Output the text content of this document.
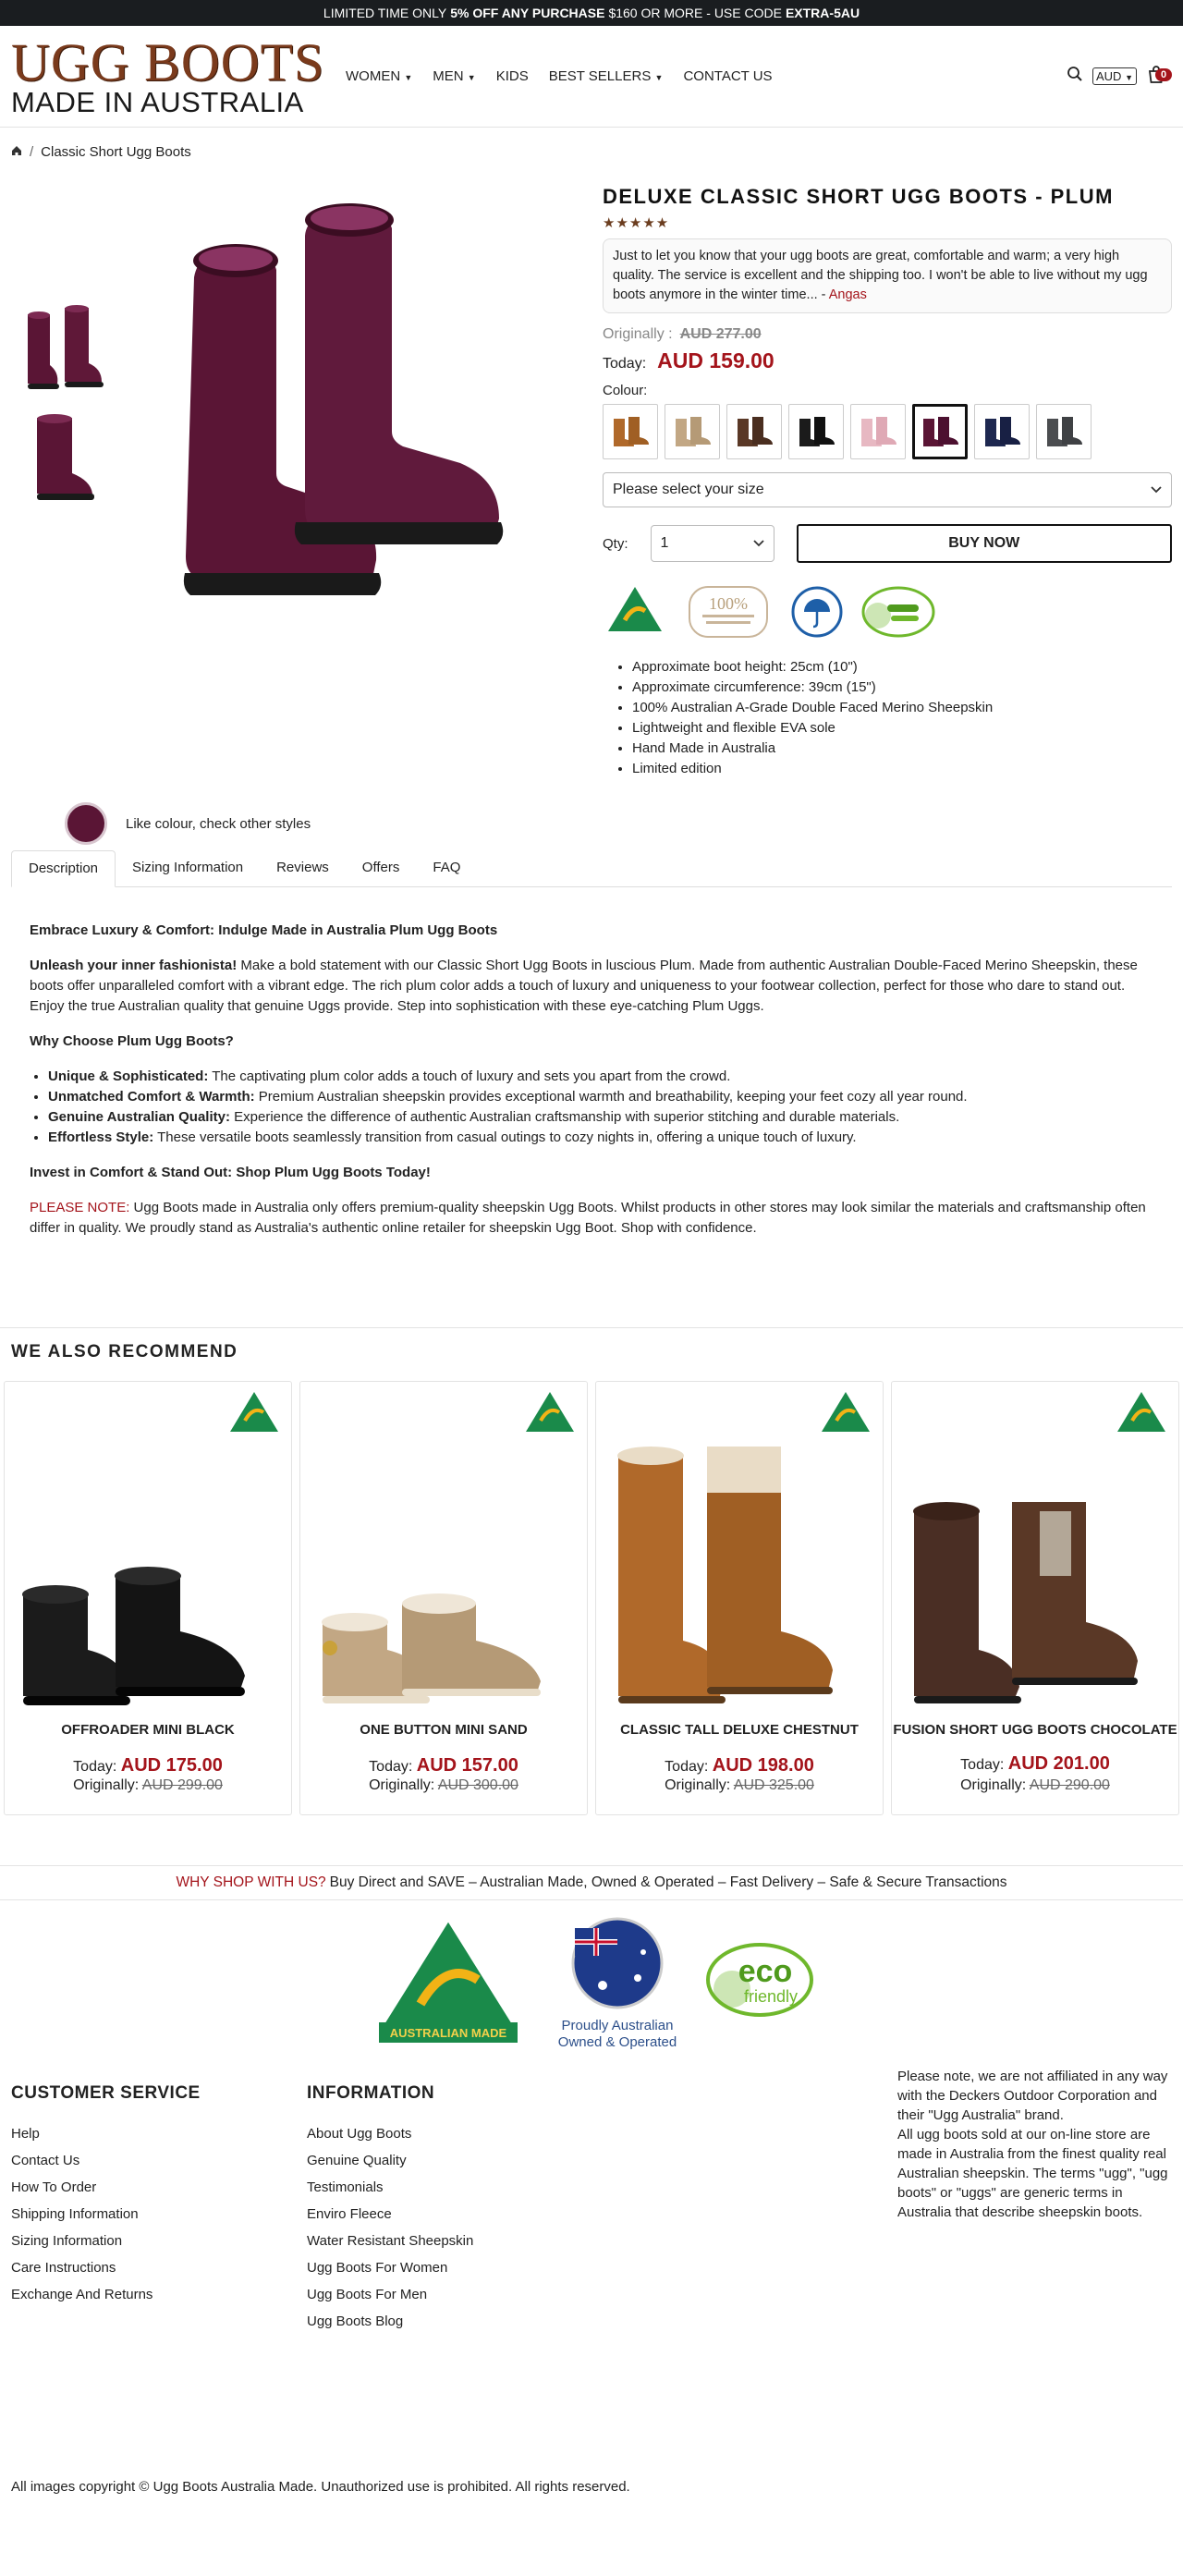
LIMITED TIME ONLY 5% OFF ANY PURCHASE $160 OR MORE - USE CODE EXTRA-5AU
UGG BOOTS
MADE IN AUSTRALIA
WOMEN ▼ MEN ▼ KIDS BEST SELLERS ▼ CONTACT US	AUD ▼	0
/ Classic Short Ugg Boots
Like colour, check other styles
DELUXE CLASSIC SHORT UGG BOOTS - PLUM
★★★★★
Just to let you know that your ugg boots are great, comfortable and warm; a very high quality. The service is excellent and the shipping too. I won't be able to live without my ugg boots anymore in the winter time... - Angas
Originally : AUD 277.00
Today: AUD 159.00
Colour:
Please select your size
Qty: 1	BUY NOW
100%
• Approximate boot height: 25cm (10")
• Approximate circumference: 39cm (15")
• 100% Australian A-Grade Double Faced Merino Sheepskin
• Lightweight and flexible EVA sole
• Hand Made in Australia
• Limited edition
Description	Sizing Information	Reviews	Offers	FAQ
Embrace Luxury & Comfort: Indulge Made in Australia Plum Ugg Boots

Unleash your inner fashionista! Make a bold statement with our Classic Short Ugg Boots in luscious Plum. Made from authentic Australian Double-Faced Merino Sheepskin, these boots offer unparalleled comfort with a vibrant edge. The rich plum color adds a touch of luxury and uniqueness to your footwear collection, perfect for those who dare to stand out. Enjoy the true Australian quality that genuine Uggs provide. Step into sophistication with these eye-catching Plum Uggs.

Why Choose Plum Ugg Boots?
• Unique & Sophisticated: The captivating plum color adds a touch of luxury and sets you apart from the crowd.
• Unmatched Comfort & Warmth: Premium Australian sheepskin provides exceptional warmth and breathability, keeping your feet cozy all year round.
• Genuine Australian Quality: Experience the difference of authentic Australian craftsmanship with superior stitching and durable materials.
• Effortless Style: These versatile boots seamlessly transition from casual outings to cozy nights in, offering a unique touch of luxury.
Invest in Comfort & Stand Out: Shop Plum Ugg Boots Today!

PLEASE NOTE: Ugg Boots made in Australia only offers premium-quality sheepskin Ugg Boots. Whilst products in other stores may look similar the materials and craftsmanship often differ in quality. We proudly stand as Australia's authentic online retailer for sheepskin Ugg Boot. Shop with confidence.

WE ALSO RECOMMEND
OFFROADER MINI BLACK
Today: AUD 175.00
Originally: AUD 299.00
ONE BUTTON MINI SAND
Today: AUD 157.00
Originally: AUD 300.00
CLASSIC TALL DELUXE CHESTNUT
Today: AUD 198.00
Originally: AUD 325.00
FUSION SHORT UGG BOOTS CHOCOLATE
Today: AUD 201.00
Originally: AUD 290.00
WHY SHOP WITH US? Buy Direct and SAVE – Australian Made, Owned & Operated – Fast Delivery – Safe & Secure Transactions
AUSTRALIAN MADE	Proudly Australian
Owned & Operated
eco
friendly
CUSTOMER SERVICE
Help
Contact Us
How To Order
Shipping Information
Sizing Information
Care Instructions
Exchange And Returns
INFORMATION
About Ugg Boots
Genuine Quality
Testimonials
Enviro Fleece
Water Resistant Sheepskin
Ugg Boots For Women
Ugg Boots For Men
Ugg Boots Blog
Please note, we are not affiliated in any way with the Deckers Outdoor Corporation and their "Ugg Australia" brand.
All ugg boots sold at our on-line store are made in Australia from the finest quality real Australian sheepskin. The terms "ugg", "ugg boots" or "uggs" are generic terms in Australia that describe sheepskin boots.
All images copyright © Ugg Boots Australia Made. Unauthorized use is prohibited. All rights reserved.
